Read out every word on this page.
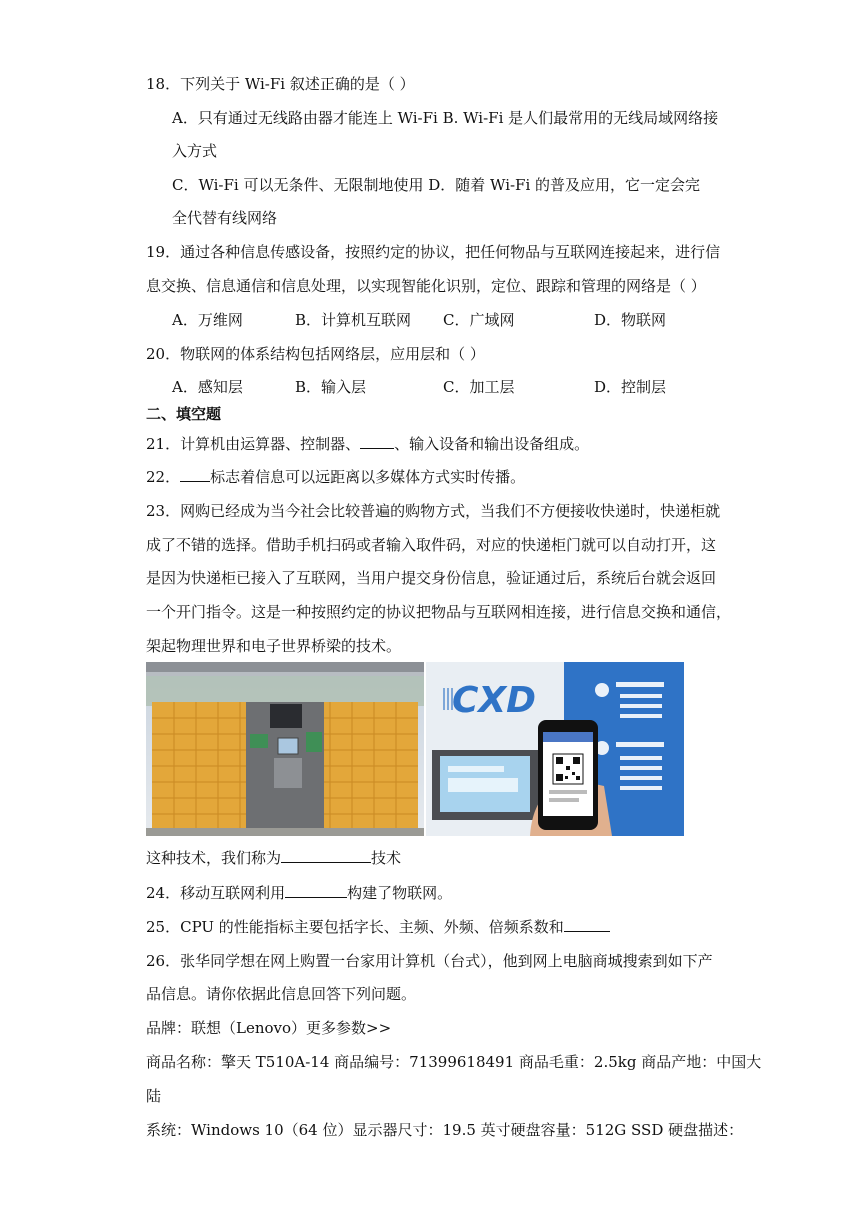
18．下列关于 Wi-Fi 叙述正确的是（ ）
A．只有通过无线路由器才能连上 Wi-Fi B. Wi-Fi 是人们最常用的无线局域网络接
入方式
C．Wi-Fi 可以无条件、无限制地使用 D．随着 Wi-Fi 的普及应用，它一定会完
全代替有线网络
19．通过各种信息传感设备，按照约定的协议，把任何物品与互联网连接起来，进行信
息交换、信息通信和信息处理，以实现智能化识别，定位、跟踪和管理的网络是（ ）
A．万维网	B．计算机互联网 C．广域网	D．物联网
20．物联网的体系结构包括网络层，应用层和（ ）
A．感知层	B．输入层	C．加工层	D．控制层
二、填空题
21．计算机由运算器、控制器、 、输入设备和输出设备组成。
22． 标志着信息可以远距离以多媒体方式实时传播。
23．网购已经成为当今社会比较普遍的购物方式，当我们不方便接收快递时，快递柜就
成了不错的选择。借助手机扫码或者输入取件码，对应的快递柜门就可以自动打开，这
是因为快递柜已接入了互联网，当用户提交身份信息，验证通过后，系统后台就会返回
一个开门指令。这是一种按照约定的协议把物品与互联网相连接，进行信息交换和通信，
架起物理世界和电子世界桥梁的技术。
CXD
这种技术，我们称为	技术
24．移动互联网利用	构建了物联网。
25．CPU 的性能指标主要包括字长、主频、外频、倍频系数和
26．张华同学想在网上购置一台家用计算机（台式），他到网上电脑商城搜索到如下产
品信息。请你依据此信息回答下列问题。
品牌：联想（Lenovo）更多参数>>
商品名称：擎天 T510A-14 商品编号：71399618491 商品毛重：2.5kg 商品产地：中国大
陆
系统：Windows 10（64 位）显示器尺寸：19.5 英寸硬盘容量：512G SSD 硬盘描述：
